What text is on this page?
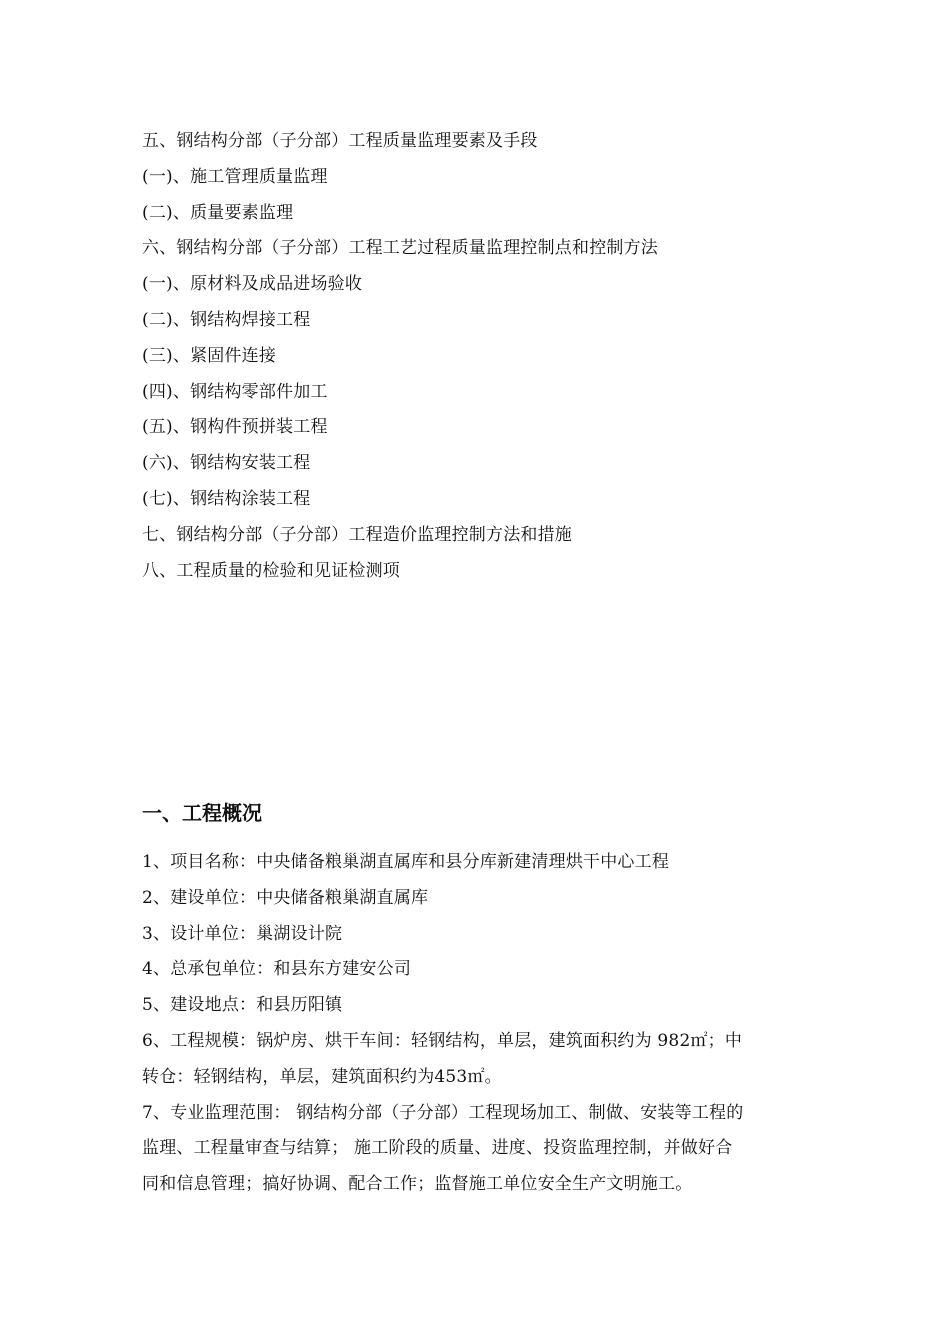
五、钢结构分部（子分部）工程质量监理要素及手段
(一)、施工管理质量监理
(二)、质量要素监理
六、钢结构分部（子分部）工程工艺过程质量监理控制点和控制方法
(一)、原材料及成品进场验收
(二)、钢结构焊接工程
(三)、紧固件连接
(四)、钢结构零部件加工
(五)、钢构件预拼装工程
(六)、钢结构安装工程
(七)、钢结构涂装工程
七、钢结构分部（子分部）工程造价监理控制方法和措施
八、工程质量的检验和见证检测项
一、工程概况
1、项目名称：中央储备粮巢湖直属库和县分库新建清理烘干中心工程
2、建设单位：中央储备粮巢湖直属库
3、设计单位：巢湖设计院
4、总承包单位：和县东方建安公司
5、建设地点：和县历阳镇
6、工程规模：锅炉房、烘干车间：轻钢结构，单层，建筑面积约为 982㎡；中
转仓：轻钢结构，单层，建筑面积约为453㎡。
7、专业监理范围： 钢结构分部（子分部）工程现场加工、制做、安装等工程的
监理、工程量审查与结算； 施工阶段的质量、进度、投资监理控制，并做好合
同和信息管理；搞好协调、配合工作；监督施工单位安全生产文明施工。
